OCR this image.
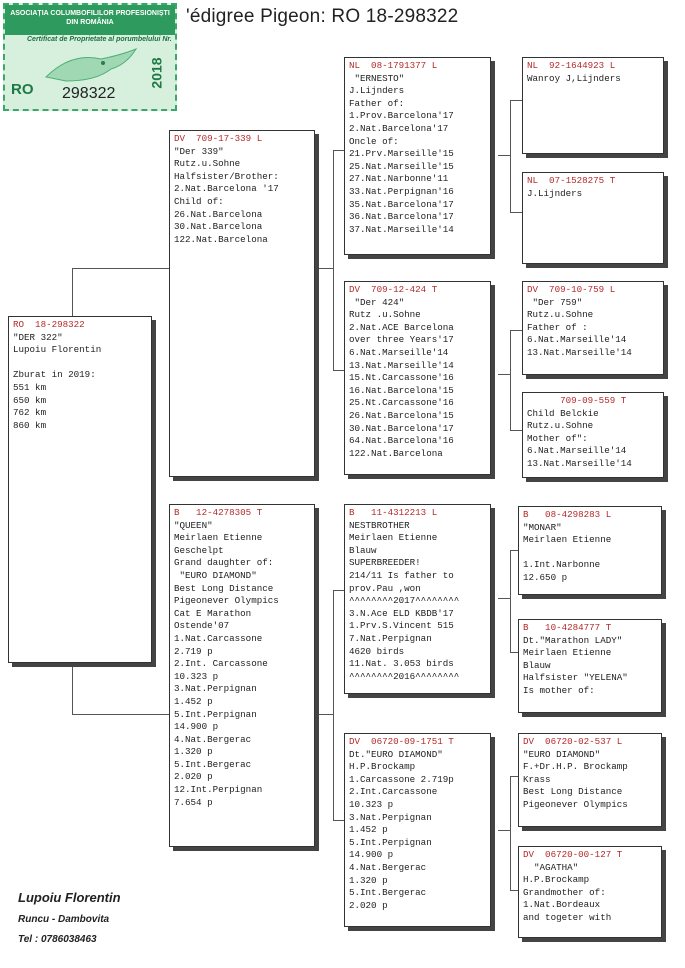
'édigree Pigeon: RO 18-298322
ASOCIAȚIA COLUMBOFILILOR PROFESIONIȘTI DIN ROMÂNIA
Certificat de Proprietate al porumbelului Nr.
RO 298322
2018
RO  18-298322
"DER 322"
Lupoiu Florentin

Zburat in 2019:
551 km
650 km
762 km
860 km
DV  709-17-339 L
"Der 339"
Rutz.u.Sohne
Halfsister/Brother:
2.Nat.Barcelona '17
Child of:
26.Nat.Barcelona
30.Nat.Barcelona
122.Nat.Barcelona
B   12-4278305 T
"QUEEN"
Meirlaen Etienne
Geschelpt
Grand daughter of:
"EURO DIAMOND"
Best Long Distance
Pigeonever Olympics
Cat E Marathon
Ostende'07
1.Nat.Carcassone
2.719 p
2.Int. Carcassone
10.323 p
3.Nat.Perpignan
1.452 p
5.Int.Perpignan
14.900 p
4.Nat.Bergerac
1.320 p
5.Int.Bergerac
2.020 p
12.Int.Perpignan
7.654 p
NL  08-1791377 L
"ERNESTO"
J.Lijnders
Father of:
1.Prov.Barcelona'17
2.Nat.Barcelona'17
Oncle of:
21.Prv.Marseille'15
25.Nat.Marseille'15
27.Nat.Narbonne'11
33.Nat.Perpignan'16
35.Nat.Barcelona'17
36.Nat.Barcelona'17
37.Nat.Marseille'14
DV  709-12-424 T
"Der 424"
Rutz .u.Sohne
2.Nat.ACE Barcelona
over three Years'17
6.Nat.Marseille'14
13.Nat.Marseille'14
15.Nt.Carcassone'16
16.Nat.Barcelona'15
25.Nt.Carcassone'16
26.Nat.Barcelona'15
30.Nat.Barcelona'17
64.Nat.Barcelona'16
122.Nat.Barcelona
B   11-4312213 L
NESTBROTHER
Meirlaen Etienne
Blauw
SUPERBREEDER!
214/11 Is father to
prov.Pau ,won
^^^^^^^^2017^^^^^^^^
3.N.Ace ELD KBDB'17
1.Prv.S.Vincent 515
7.Nat.Perpignan
4620 birds
11.Nat. 3.053 birds
^^^^^^^^2016^^^^^^^^
DV  06720-09-1751 T
Dt."EURO DIAMOND"
H.P.Brockamp
1.Carcassone 2.719p
2.Int.Carcassone
10.323 p
3.Nat.Perpignan
1.452 p
5.Int.Perpignan
14.900 p
4.Nat.Bergerac
1.320 p
5.Int.Bergerac
2.020 p
NL  92-1644923 L
Wanroy J,Lijnders
NL  07-1528275 T
J.Lijnders
DV  709-10-759 L
"Der 759"
Rutz.u.Sohne
Father of :
6.Nat.Marseille'14
13.Nat.Marseille'14
709-09-559 T
Child Belckie
Rutz.u.Sohne
Mother of":
6.Nat.Marseille'14
13.Nat.Marseille'14
B   08-4298283 L
"MONAR"
Meirlaen Etienne

1.Int.Narbonne
12.650 p
B   10-4284777 T
Dt."Marathon LADY"
Meirlaen Etienne
Blauw
Halfsister "YELENA"
Is mother of:
DV  06720-02-537 L
"EURO DIAMOND"
F.+Dr.H.P. Brockamp
Krass
Best Long Distance
Pigeonever Olympics
DV  06720-00-127 T
"AGATHA"
H.P.Brockamp
Grandmother of:
1.Nat.Bordeaux
and togeter with
Lupoiu Florentin
Runcu - Dambovita
Tel : 0786038463
